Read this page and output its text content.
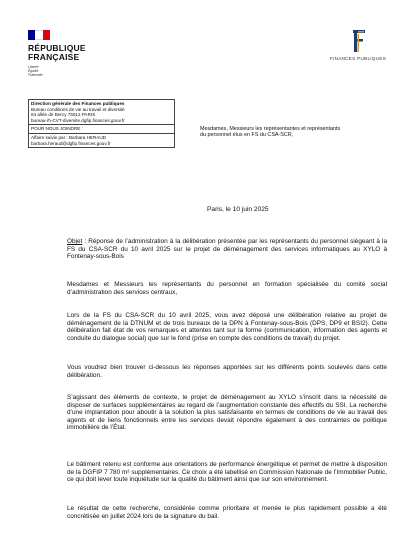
RÉPUBLIQUE
FRANÇAISE
Liberté
Égalité
Fraternité
FINANCES PUBLIQUES
Direction générale des Finances publiques
Bureau conditions de vie au travail et diversité
64 allée de Bercy 75012 PARIS
bureau-rh-CVT-diversite.dgfip.finances.gouv.fr
POUR NOUS JOINDRE :
Affaire suivie par : Barbara HERAUD
barbara.heraud@dgfip.finances.gouv.fr
Mesdames, Messieurs les représentantes et représentants
du personnel élus en FS du CSA-SCR,
Paris, le 10 juin 2025
Objet : Réponse de l’administration à la délibération présentée par les représentants du personnel siégeant à la FS du CSA-SCR du 10 avril 2025 sur le projet de déménagement des services informatiques au XYLO à Fontenay-sous-Bois
Mesdames et Messieurs les représentants du personnel en formation spécialisée du comité social d’administration des services centraux,
Lors de la FS du CSA-SCR du 10 avril 2025, vous avez déposé une délibération relative au projet de déménagement de la DTNUM et de trois bureaux de la DPN à Fontenay-sous-Bois (DPS, DP9 et BSI2). Cette délibération fait état de vos remarques et attentes tant sur la forme (communication, information des agents et conduite du dialogue social) que sur le fond (prise en compte des conditions de travail) du projet.
Vous voudrez bien trouver ci-dessous les réponses apportées sur les différents points soulevés dans cette délibération.
S’agissant des éléments de contexte, le projet de déménagement au XYLO s’inscrit dans la nécessité de disposer de surfaces supplémentaires au regard de l’augmentation constante des effectifs du SSI. La recherche d’une implantation pour aboutir à la solution la plus satisfaisante en termes de conditions de vie au travail des agents et de liens fonctionnels entre les services devait répondre également à des contraintes de politique immobilière de l’État.
Le bâtiment retenu est conforme aux orientations de performance énergétique et permet de mettre à disposition de la DGFIP 7 780 m² supplémentaires. Ce choix a été labellisé en Commission Nationale de l’Immobilier Public, ce qui doit lever toute inquiétude sur la qualité du bâtiment ainsi que sur son environnement.
Le résultat de cette recherche, considérée comme prioritaire et menée le plus rapidement possible a été concrétisée en juillet 2024 lors de la signature du bail.
